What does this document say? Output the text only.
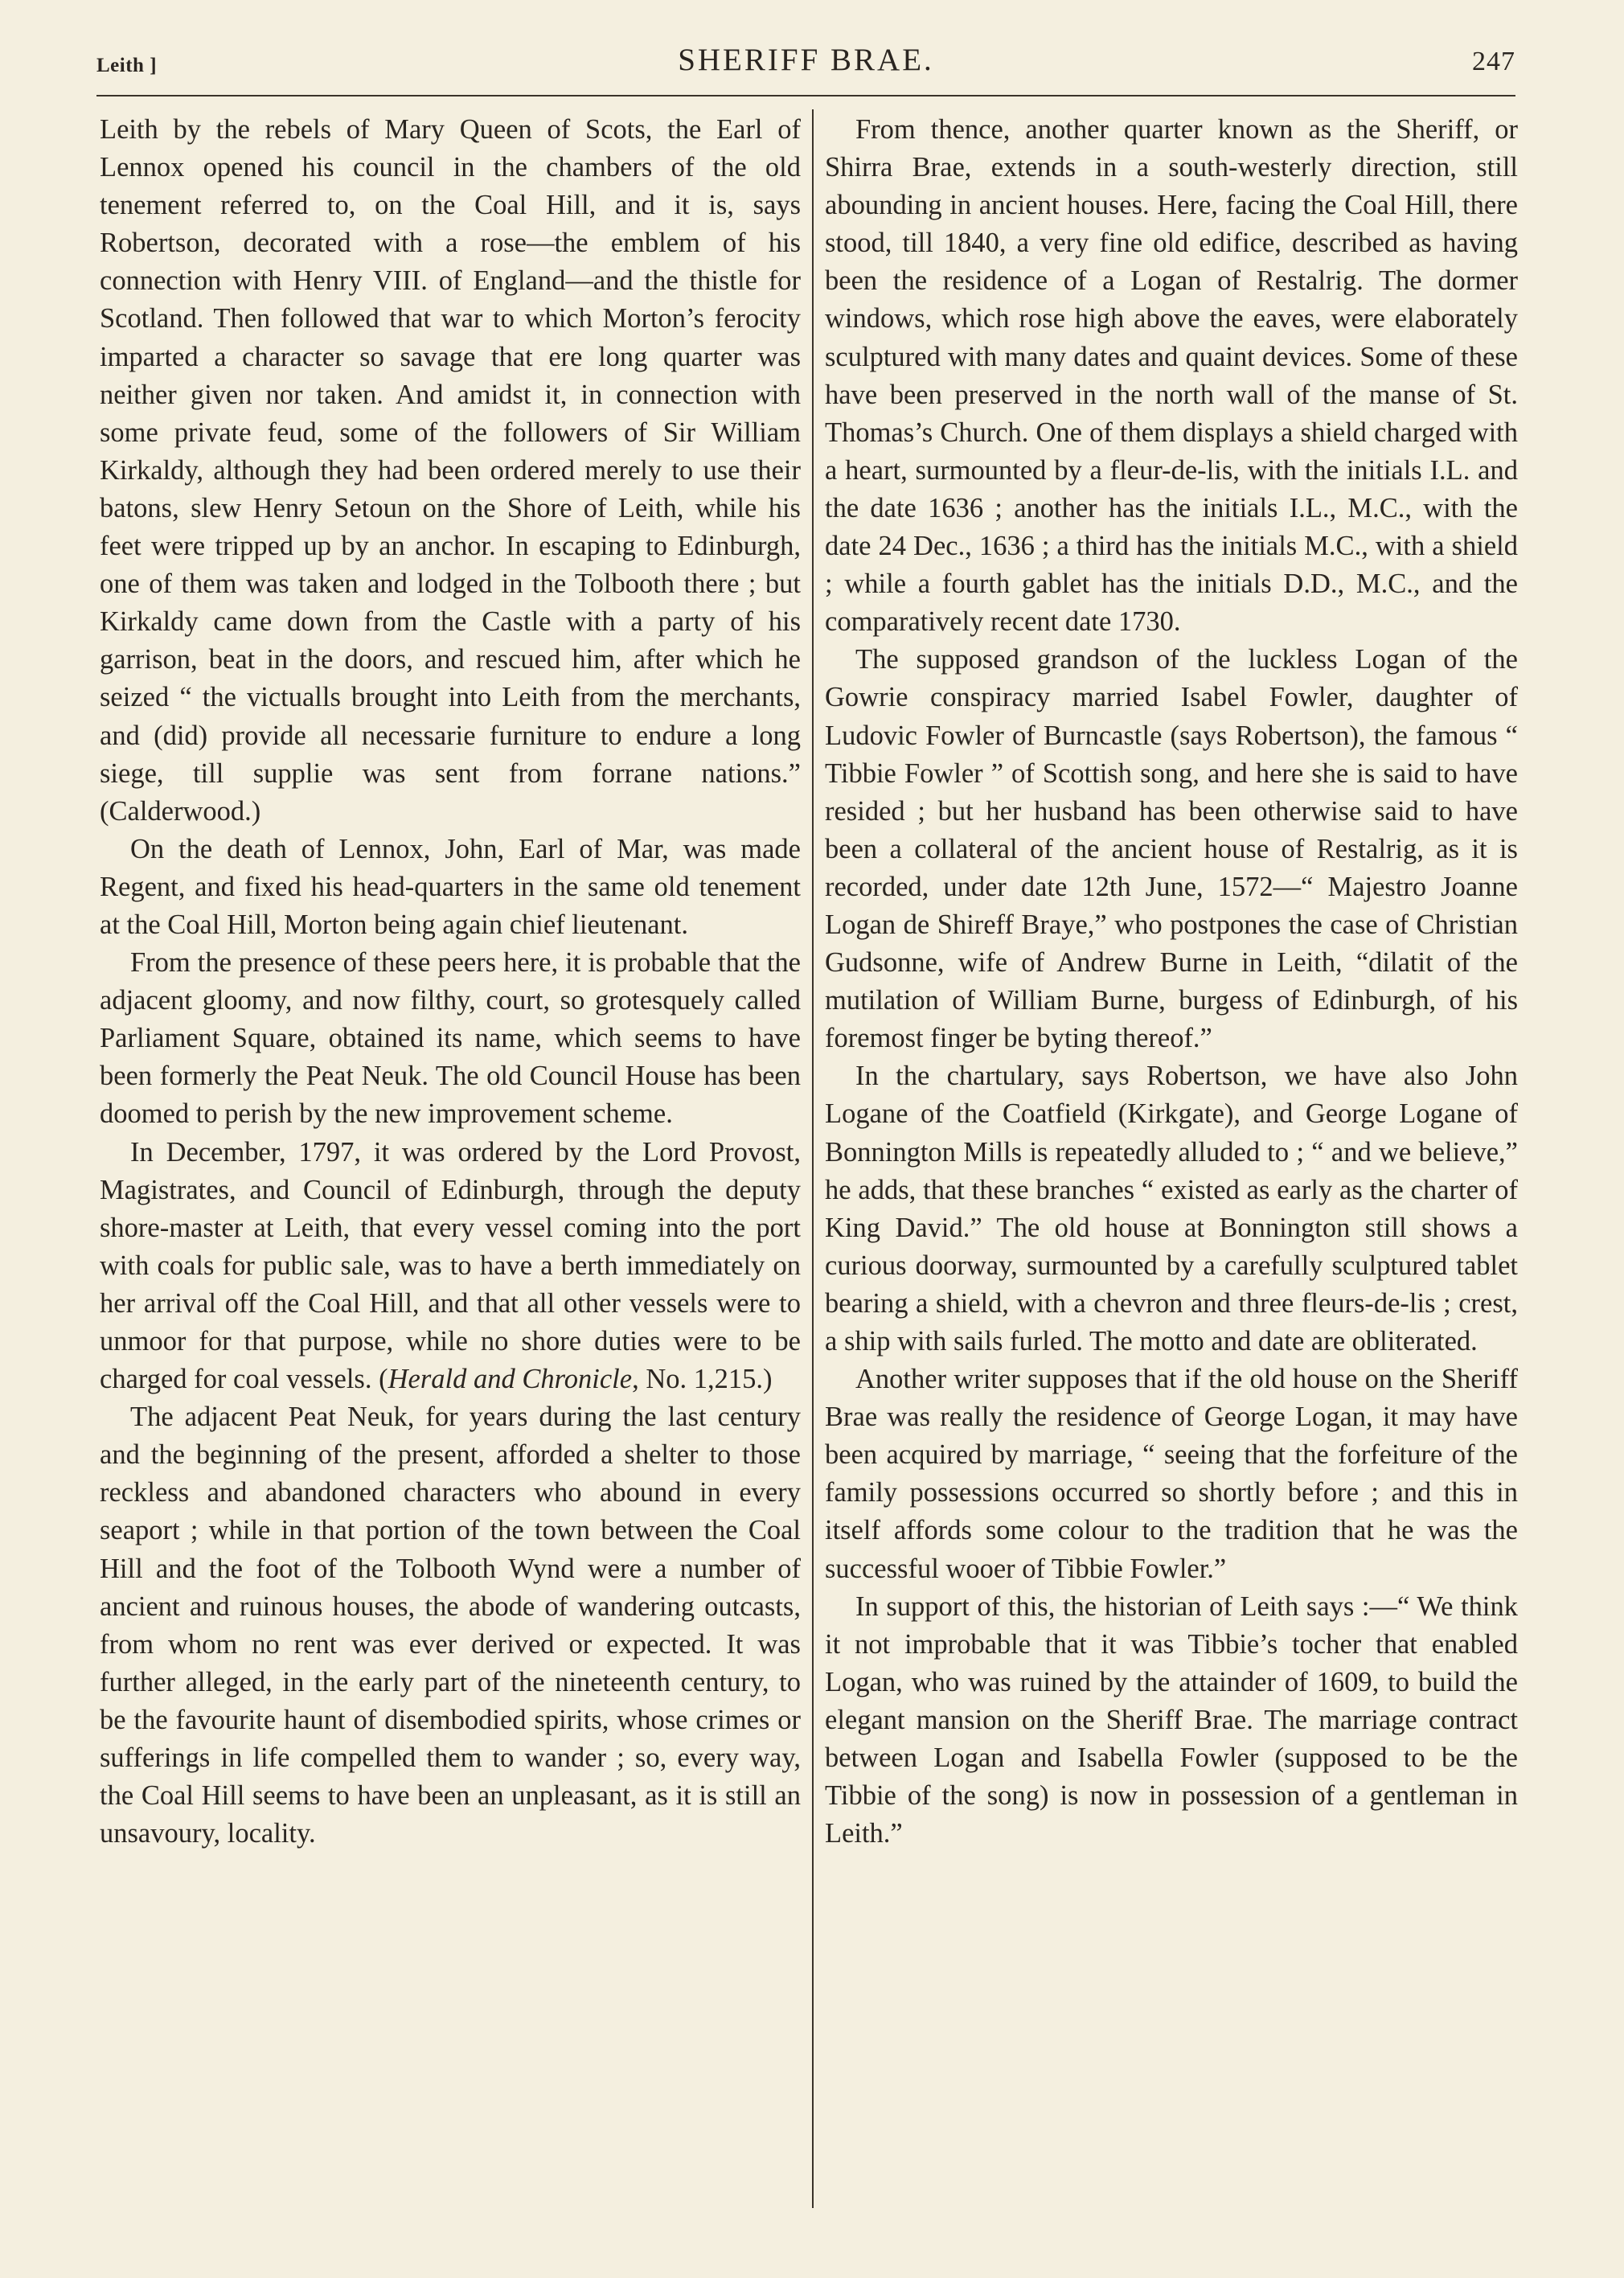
Leith ]	SHERIFF BRAE.	247

Leith by the rebels of Mary Queen of Scots, the Earl of Lennox opened his council in the chambers of the old tenement referred to, on the Coal Hill, and it is, says Robertson, decorated with a rose—the emblem of his connection with Henry VIII. of England—and the thistle for Scotland. Then followed that war to which Morton’s ferocity imparted a character so savage that ere long quarter was neither given nor taken. And amidst it, in connection with some private feud, some of the followers of Sir William Kirkaldy, although they had been ordered merely to use their batons, slew Henry Setoun on the Shore of Leith, while his feet were tripped up by an anchor. In escaping to Edinburgh, one of them was taken and lodged in the Tolbooth there ; but Kirkaldy came down from the Castle with a party of his garrison, beat in the doors, and rescued him, after which he seized “ the victualls brought into Leith from the merchants, and (did) provide all necessarie furniture to endure a long siege, till supplie was sent from forrane nations.” (Calderwood.)

On the death of Lennox, John, Earl of Mar, was made Regent, and fixed his head-quarters in the same old tenement at the Coal Hill, Morton being again chief lieutenant.

From the presence of these peers here, it is probable that the adjacent gloomy, and now filthy, court, so grotesquely called Parliament Square, obtained its name, which seems to have been formerly the Peat Neuk. The old Council House has been doomed to perish by the new improvement scheme.

In December, 1797, it was ordered by the Lord Provost, Magistrates, and Council of Edinburgh, through the deputy shore-master at Leith, that every vessel coming into the port with coals for public sale, was to have a berth immediately on her arrival off the Coal Hill, and that all other vessels were to unmoor for that purpose, while no shore duties were to be charged for coal vessels. (Herald and Chronicle, No. 1,215.)

The adjacent Peat Neuk, for years during the last century and the beginning of the present, afforded a shelter to those reckless and abandoned characters who abound in every seaport ; while in that portion of the town between the Coal Hill and the foot of the Tolbooth Wynd were a number of ancient and ruinous houses, the abode of wandering outcasts, from whom no rent was ever derived or expected. It was further alleged, in the early part of the nineteenth century, to be the favourite haunt of disembodied spirits, whose crimes or sufferings in life compelled them to wander ; so, every way, the Coal Hill seems to have been an unpleasant, as it is still an unsavoury, locality.

From thence, another quarter known as the Sheriff, or Shirra Brae, extends in a south-westerly direction, still abounding in ancient houses. Here, facing the Coal Hill, there stood, till 1840, a very fine old edifice, described as having been the residence of a Logan of Restalrig. The dormer windows, which rose high above the eaves, were elaborately sculptured with many dates and quaint devices. Some of these have been preserved in the north wall of the manse of St. Thomas’s Church. One of them displays a shield charged with a heart, surmounted by a fleur-de-lis, with the initials I.L. and the date 1636 ; another has the initials I.L., M.C., with the date 24 Dec., 1636 ; a third has the initials M.C., with a shield ; while a fourth gablet has the initials D.D., M.C., and the comparatively recent date 1730.

The supposed grandson of the luckless Logan of the Gowrie conspiracy married Isabel Fowler, daughter of Ludovic Fowler of Burncastle (says Robertson), the famous “ Tibbie Fowler ” of Scottish song, and here she is said to have resided ; but her husband has been otherwise said to have been a collateral of the ancient house of Restalrig, as it is recorded, under date 12th June, 1572—“ Majestro Joanne Logan de Shireff Braye,” who postpones the case of Christian Gudsonne, wife of Andrew Burne in Leith, “dilatit of the mutilation of William Burne, burgess of Edinburgh, of his foremost finger be byting thereof.”

In the chartulary, says Robertson, we have also John Logane of the Coatfield (Kirkgate), and George Logane of Bonnington Mills is repeatedly alluded to ; “ and we believe,” he adds, that these branches “ existed as early as the charter of King David.” The old house at Bonnington still shows a curious doorway, surmounted by a carefully sculptured tablet bearing a shield, with a chevron and three fleurs-de-lis ; crest, a ship with sails furled. The motto and date are obliterated.

Another writer supposes that if the old house on the Sheriff Brae was really the residence of George Logan, it may have been acquired by marriage, “ seeing that the forfeiture of the family possessions occurred so shortly before ; and this in itself affords some colour to the tradition that he was the successful wooer of Tibbie Fowler.”

In support of this, the historian of Leith says :—“ We think it not improbable that it was Tibbie’s tocher that enabled Logan, who was ruined by the attainder of 1609, to build the elegant mansion on the Sheriff Brae. The marriage contract between Logan and Isabella Fowler (supposed to be the Tibbie of the song) is now in possession of a gentleman in Leith.”
